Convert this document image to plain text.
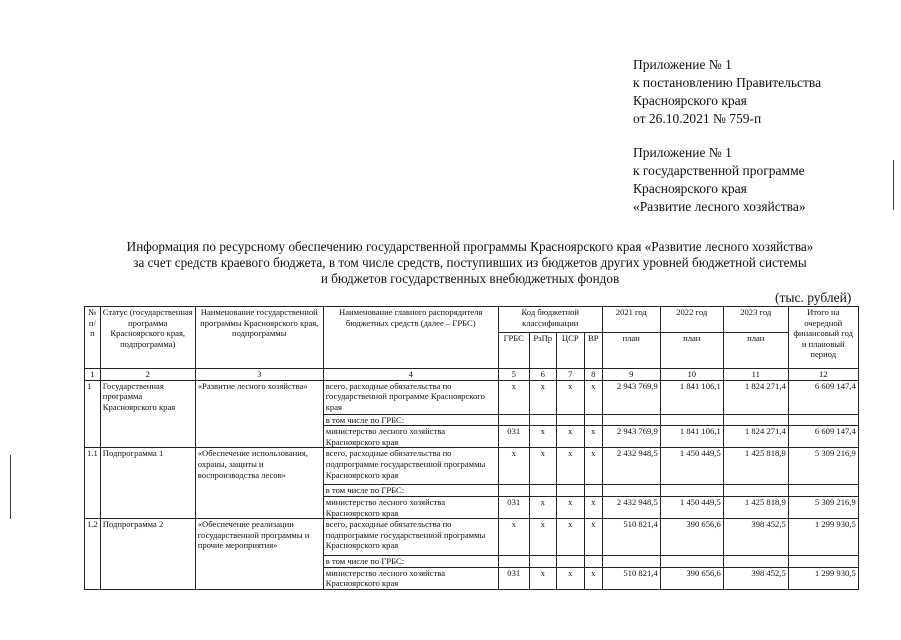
Приложение № 1
к постановлению Правительства
Красноярского края
от 26.10.2021 № 759-п
Приложение № 1
к государственной программе
Красноярского края
«Развитие лесного хозяйства»
Информация по ресурсному обеспечению государственной программы Красноярского края «Развитие лесного хозяйства»
за счет средств краевого бюджета, в том числе средств, поступивших из бюджетов других уровней бюджетной системы
и бюджетов государственных внебюджетных фондов
(тыс. рублей)
№ п/п	Статус (государственная программа Красноярского края, подпрограмма)	Наименование государственной программы Красноярского края, подпрограммы	Наименование главного распорядителя бюджетных средств (далее – ГРБС)	Код бюджетной классификации				2021 год	2022 год	2023 год	Итого на очередной финансовый год и плановый период
				ГРБС	РзПр	ЦСР	ВР	план	план	план	
1	2	3	4	5	6	7	8	9	10	11	12
1	Государственная программа Красноярского края	«Развитие лесного хозяйства»	всего, расходные обязательства по государственной программе Красноярского края	x	x	x	x	2 943 769,9	1 841 106,1	1 824 271,4	6 609 147,4
			в том числе по ГРБС:								
			министерство лесного хозяйства Красноярского края	031	x	x	x	2 943 769,9	1 841 106,1	1 824 271,4	6 609 147,4
1.1	Подпрограмма 1	«Обеспечение использования, охраны, защиты и воспроизводства лесов»	всего, расходные обязательства по подпрограмме государственной программы Красноярского края	x	x	x	x	2 432 948,5	1 450 449,5	1 425 818,9	5 309 216,9
			в том числе по ГРБС:								
			министерство лесного хозяйства Красноярского края	031	x	x	x	2 432 948,5	1 450 449,5	1 425 818,9	5 309 216,9
1.2	Подпрограмма 2	«Обеспечение реализации государственной программы и прочие мероприятия»	всего, расходные обязательства по подпрограмме государственной программы Красноярского края	x	x	x	x	510 821,4	390 656,6	398 452,5	1 299 930,5
			в том числе по ГРБС:								
			министерство лесного хозяйства Красноярского края	031	x	x	x	510 821,4	390 656,6	398 452,5	1 299 930,5
